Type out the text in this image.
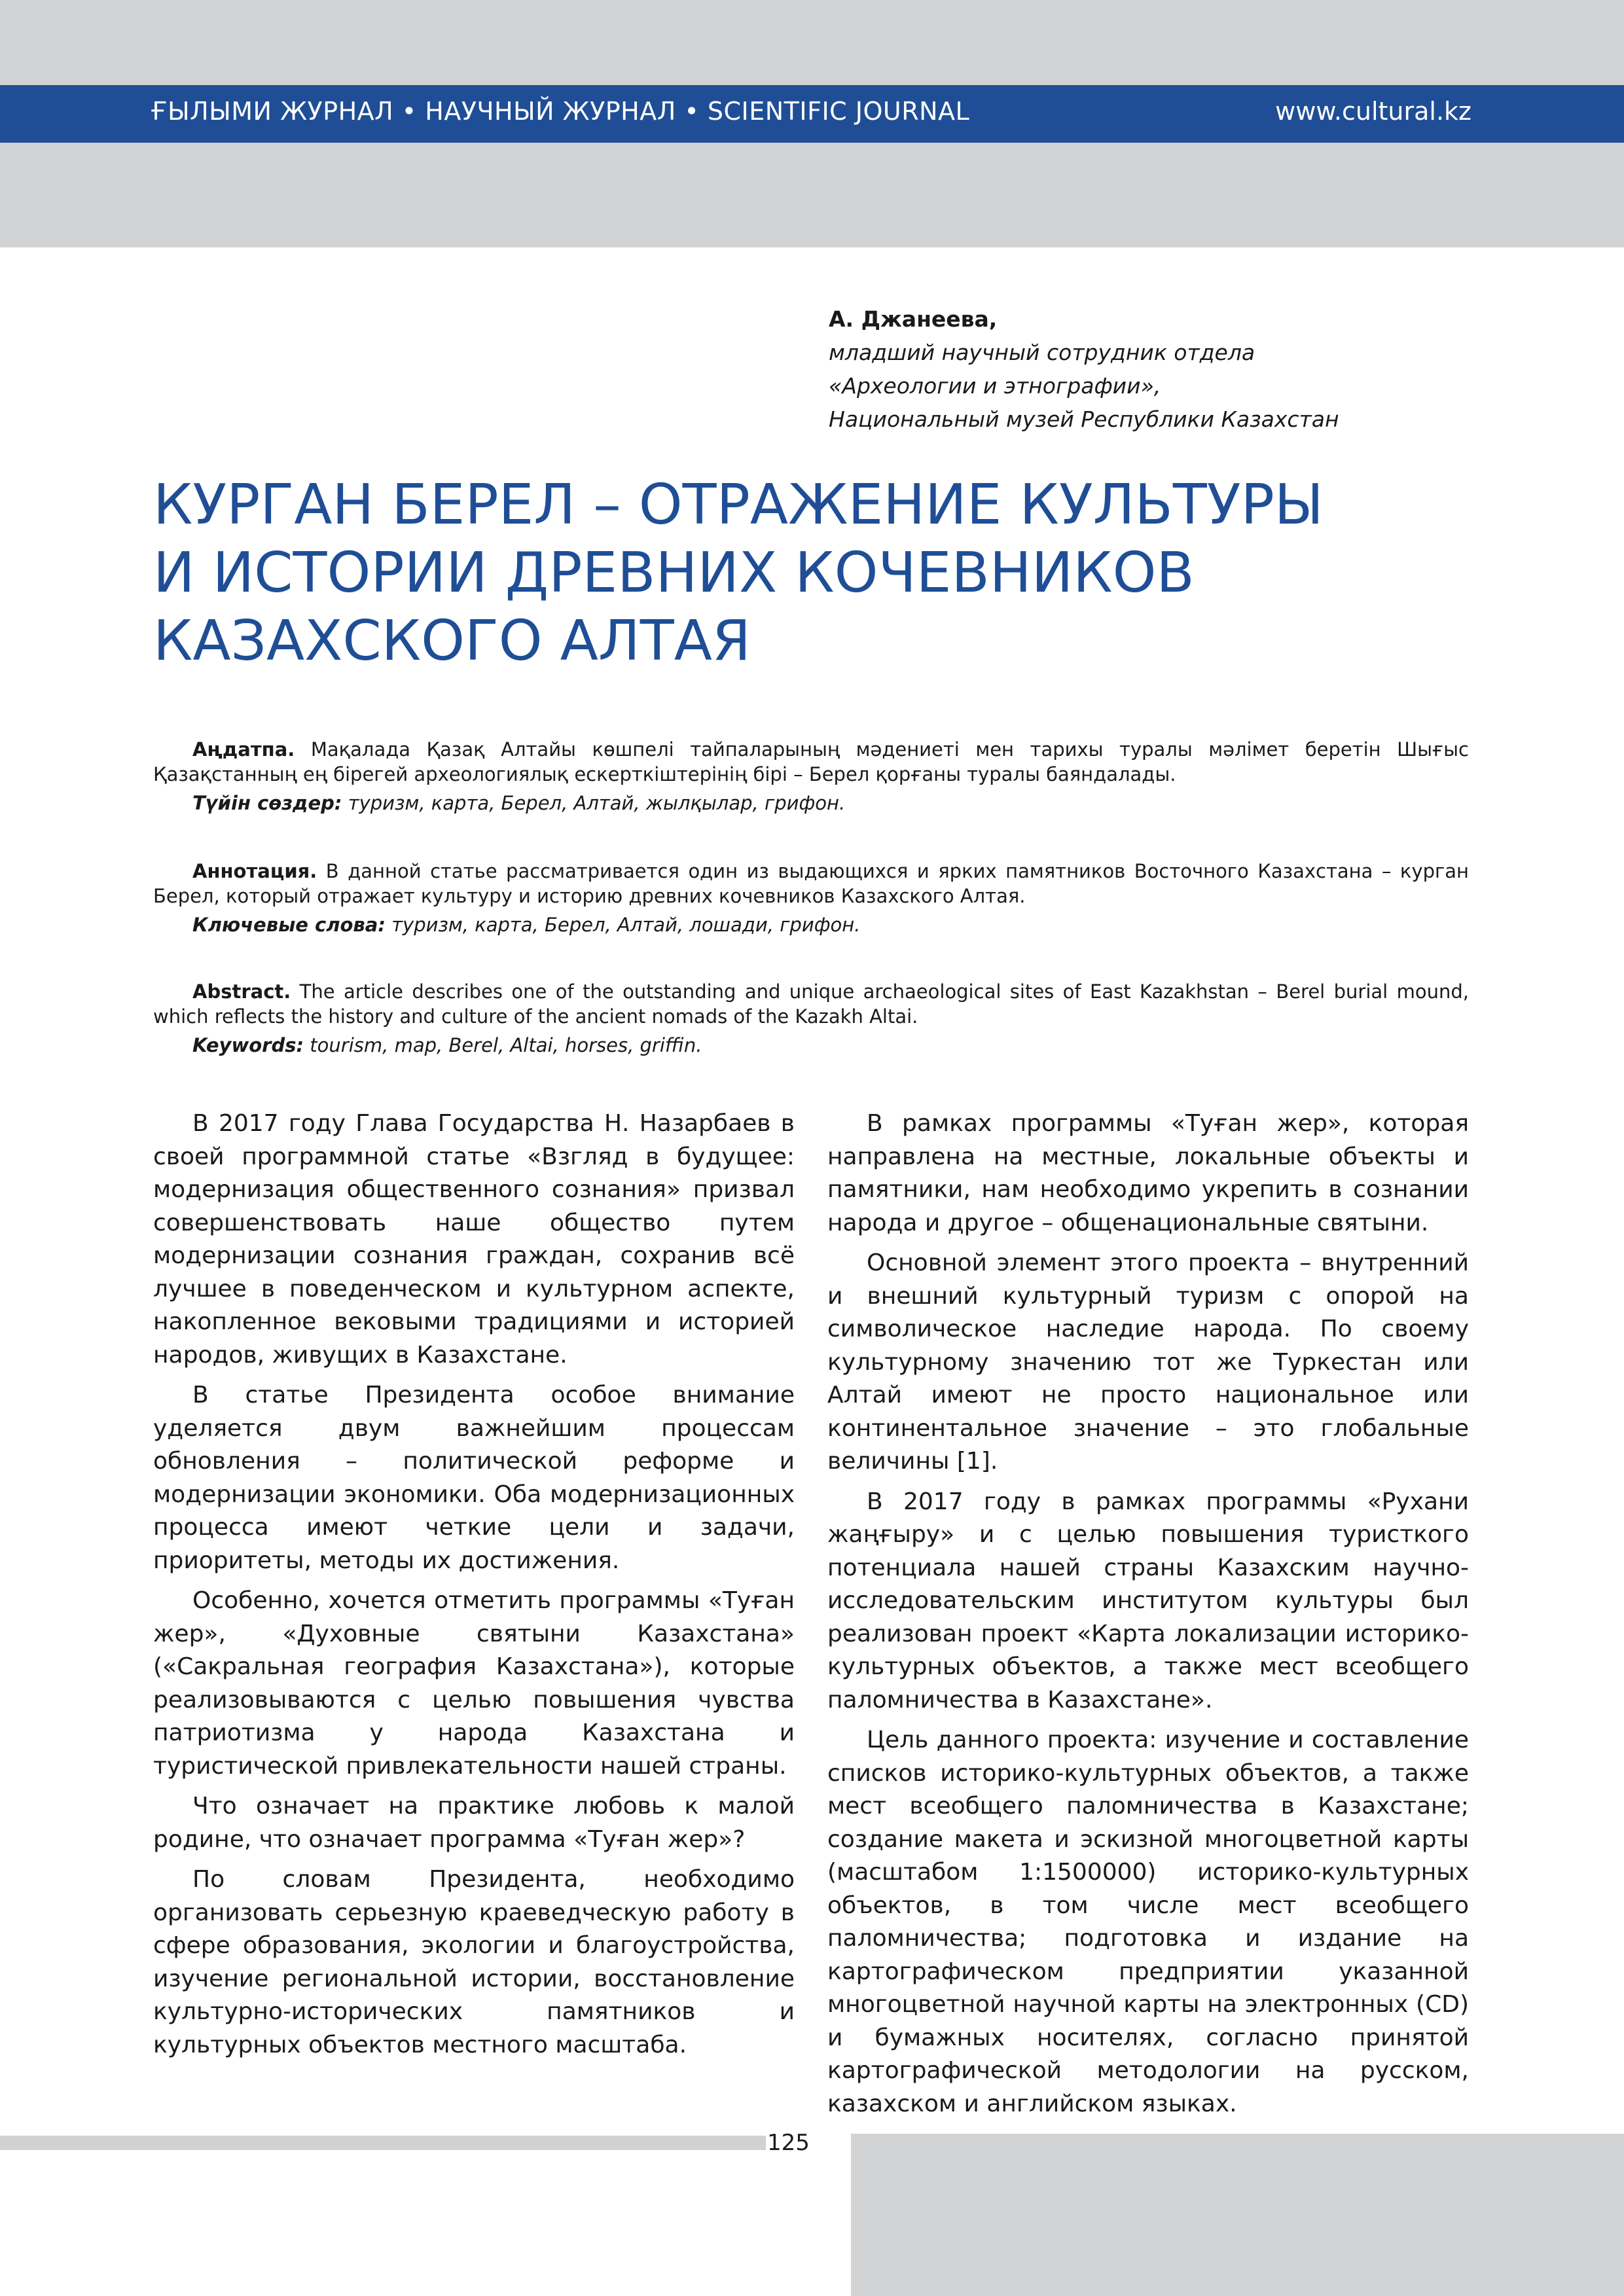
ҒЫЛЫМИ ЖУРНАЛ • НАУЧНЫЙ ЖУРНАЛ • SCIENTIFIC JOURNAL	www.cultural.kz
А. Джанеева,
младший научный сотрудник отдела
«Археологии и этнографии»,
Национальный музей Республики Казахстан
КУРГАН БЕРЕЛ – ОТРАЖЕНИЕ КУЛЬТУРЫ
И ИСТОРИИ ДРЕВНИХ КОЧЕВНИКОВ
КАЗАХСКОГО АЛТАЯ

Аңдатпа. Мақалада Қазақ Алтайы көшпелі тайпаларының мәдениеті мен тарихы туралы мәлімет беретін Шығыс Қазақстанның ең бірегей археологиялық ескерткіштерінің бірі – Берел қорғаны туралы баяндалады.

Түйін сөздер: туризм, карта, Берел, Алтай, жылқылар, грифон.

Аннотация. В данной статье рассматривается один из выдающихся и ярких памятников Восточного Казахстана – курган Берел, который отражает культуру и историю древних кочевников Казахского Алтая.

Ключевые слова: туризм, карта, Берел, Алтай, лошади, грифон.

Abstract. The article describes one of the outstanding and unique archaeological sites of East Kazakhstan – Berel burial mound, which reflects the history and culture of the ancient nomads of the Kazakh Altai.

Keywords: tourism, map, Berel, Altai, horses, griffin.

В 2017 году Глава Государства Н. Назарбаев в своей программной статье «Взгляд в будущее: модернизация общественного сознания» призвал совершенствовать наше общество путем модернизации сознания граждан, сохранив всё лучшее в поведенческом и культурном аспекте, накопленное вековыми традициями и историей народов, живущих в Казахстане.

В статье Президента особое внимание уделяется двум важнейшим процессам обновления – политической реформе и модернизации экономики. Оба модернизационных процесса имеют четкие цели и задачи, приоритеты, методы их достижения.

Особенно, хочется отметить программы «Туған жер», «Духовные святыни Казахстана» («Сакральная география Казахстана»), которые реализовываются с целью повышения чувства патриотизма у народа Казахстана и туристической привлекательности нашей страны.

Что означает на практике любовь к малой родине, что означает программа «Туған жер»?

По словам Президента, необходимо организовать серьезную краеведческую работу в сфере образования, экологии и благоустройства, изучение региональной истории, восстановление культурно-исторических памятников и культурных объектов местного масштаба.

В рамках программы «Туған жер», которая направлена на местные, локальные объекты и памятники, нам необходимо укрепить в сознании народа и другое – общенациональные святыни.

Основной элемент этого проекта – внутренний и внешний культурный туризм с опорой на символическое наследие народа. По своему культурному значению тот же Туркестан или Алтай имеют не просто национальное или континентальное значение – это глобальные величины [1].

В 2017 году в рамках программы «Рухани жаңғыру» и с целью повышения туристкого потенциала нашей страны Казахским научно-исследовательским институтом культуры был реализован проект «Карта локализации историко-культурных объектов, а также мест всеобщего паломничества в Казахстане».

Цель данного проекта: изучение и составление списков историко-культурных объектов, а также мест всеобщего паломничества в Казахстане; создание макета и эскизной многоцветной карты (масштабом 1:1500000) историко-культурных объектов, в том числе мест всеобщего паломничества; подготовка и издание на картографическом предприятии указанной многоцветной научной карты на электронных (CD) и бумажных носителях, согласно принятой картографической методологии на русском, казахском и английском языках.

125
